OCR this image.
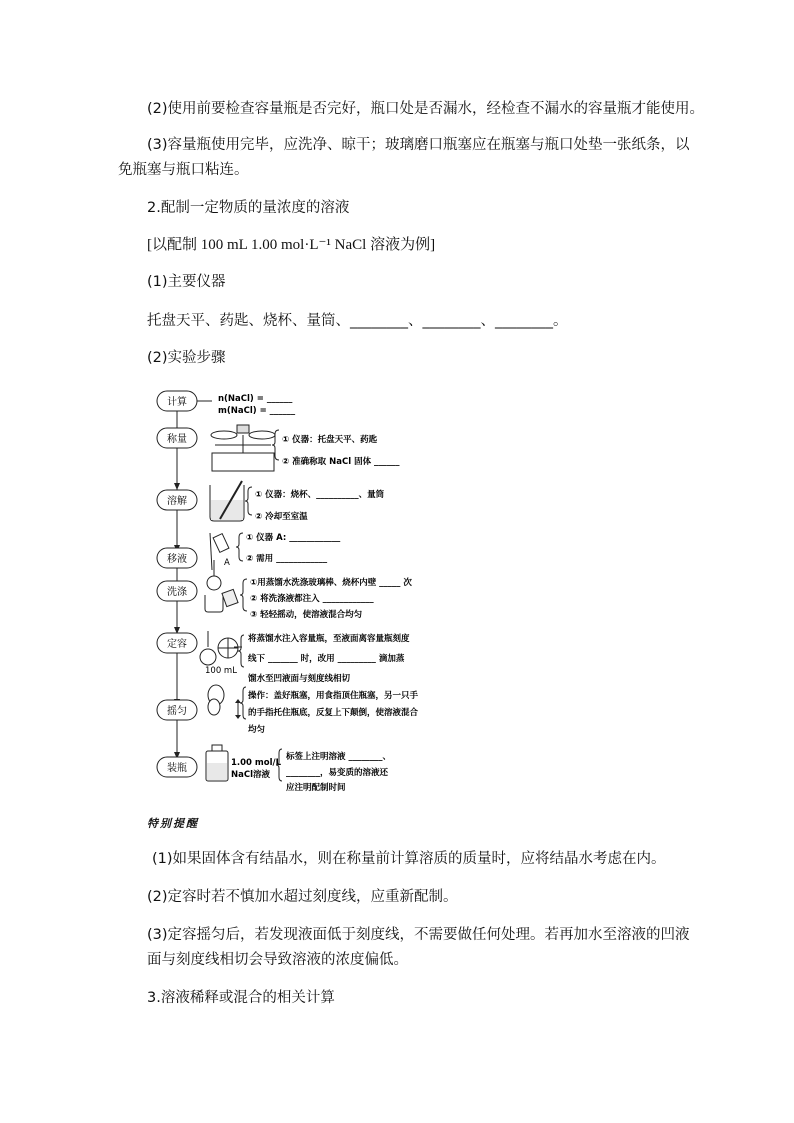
(2)使用前要检查容量瓶是否完好，瓶口处是否漏水，经检查不漏水的容量瓶才能使用。
(3)容量瓶使用完毕，应洗净、晾干；玻璃磨口瓶塞应在瓶塞与瓶口处垫一张纸条，以
免瓶塞与瓶口粘连。
2.配制一定物质的量浓度的溶液
[以配制 100 mL 1.00 mol·L⁻¹ NaCl 溶液为例]
(1)主要仪器
托盘天平、药匙、烧杯、量筒、________、________、________。
(2)实验步骤
计算
称量
溶解
移液
洗涤
定容
摇匀
装瓶
n(NaCl) = ______
m(NaCl) = ______
① 仪器：托盘天平、药匙
② 准确称取 NaCl 固体 ______
① 仪器：烧杯、__________、量筒
② 冷却至室温
A
① 仪器 A: ____________
② 需用 ____________
①用蒸馏水洗涤玻璃棒、烧杯内壁 _____ 次
② 将洗涤液都注入 ____________
③ 轻轻摇动，使溶液混合均匀
100 mL
将蒸馏水注入容量瓶，至液面离容量瓶刻度
线下 _______ 时，改用 _________ 滴加蒸
馏水至凹液面与刻度线相切
操作：盖好瓶塞，用食指顶住瓶塞，另一只手
的手指托住瓶底，反复上下颠倒，使溶液混合
均匀
1.00 mol/L
NaCl溶液
标签上注明溶液 ________、
________，易变质的溶液还
应注明配制时间
特别提醒
(1)如果固体含有结晶水，则在称量前计算溶质的质量时，应将结晶水考虑在内。
(2)定容时若不慎加水超过刻度线，应重新配制。
(3)定容摇匀后，若发现液面低于刻度线，不需要做任何处理。若再加水至溶液的凹液
面与刻度线相切会导致溶液的浓度偏低。
3.溶液稀释或混合的相关计算
